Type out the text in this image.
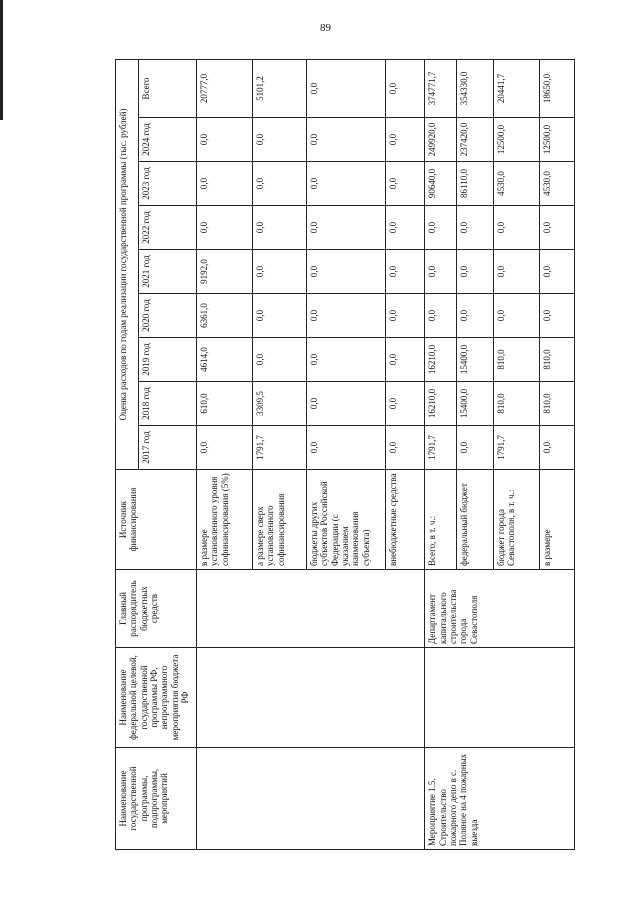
89
Наименование государственной программы, подпрограммы, мероприятий	Наименование федеральной целевой, государственной программы РФ, непрограммного мероприятия бюджета РФ	Главный распорядитель бюджетных средств	Источник финансирования	Оценка расходов по годам реализации государственной программы (тыс. рублей)								
				2017 год	2018 год	2019 год	2020 год	2021 год	2022 год	2023 год	2024 год	Всего
			в размере установленного уровня софинансирования (5%)	0,0	610,0	4614,0	6361,0	9192,0	0,0	0,0	0,0	20777,0
			а размере сверх установленного софинансирования	1791,7	3309,5	0,0	0,0	0,0	0,0	0,0	0,0	5101,2
			бюджеты других субъектов Российской Федерации (с указанием наименования субъекта)	0,0	0,0	0,0	0,0	0,0	0,0	0,0	0,0	0,0
			внебюджетные средства	0,0	0,0	0,0	0,0	0,0	0,0	0,0	0,0	0,0
Мероприятие 1.5. Строительство пожарного депо в с. Поляное на 4 пожарных выезда		Департамент капитального строительства города Севастополя	Всего, в т. ч.:	1791,7	16210,0	16210,0	0,0	0,0	0,0	90640,0	249920,0	374771,7
			федеральный бюджет	0,0	15400,0	15400,0	0,0	0,0	0,0	86110,0	237420,0	354330,0
			бюджет города Севастополя, в т. ч.:	1791,7	810,0	810,0	0,0	0,0	0,0	4530,0	12500,0	20441,7
			в размере	0,0	810,0	810,0	0,0	0,0	0,0	4530,0	12500,0	18650,0
